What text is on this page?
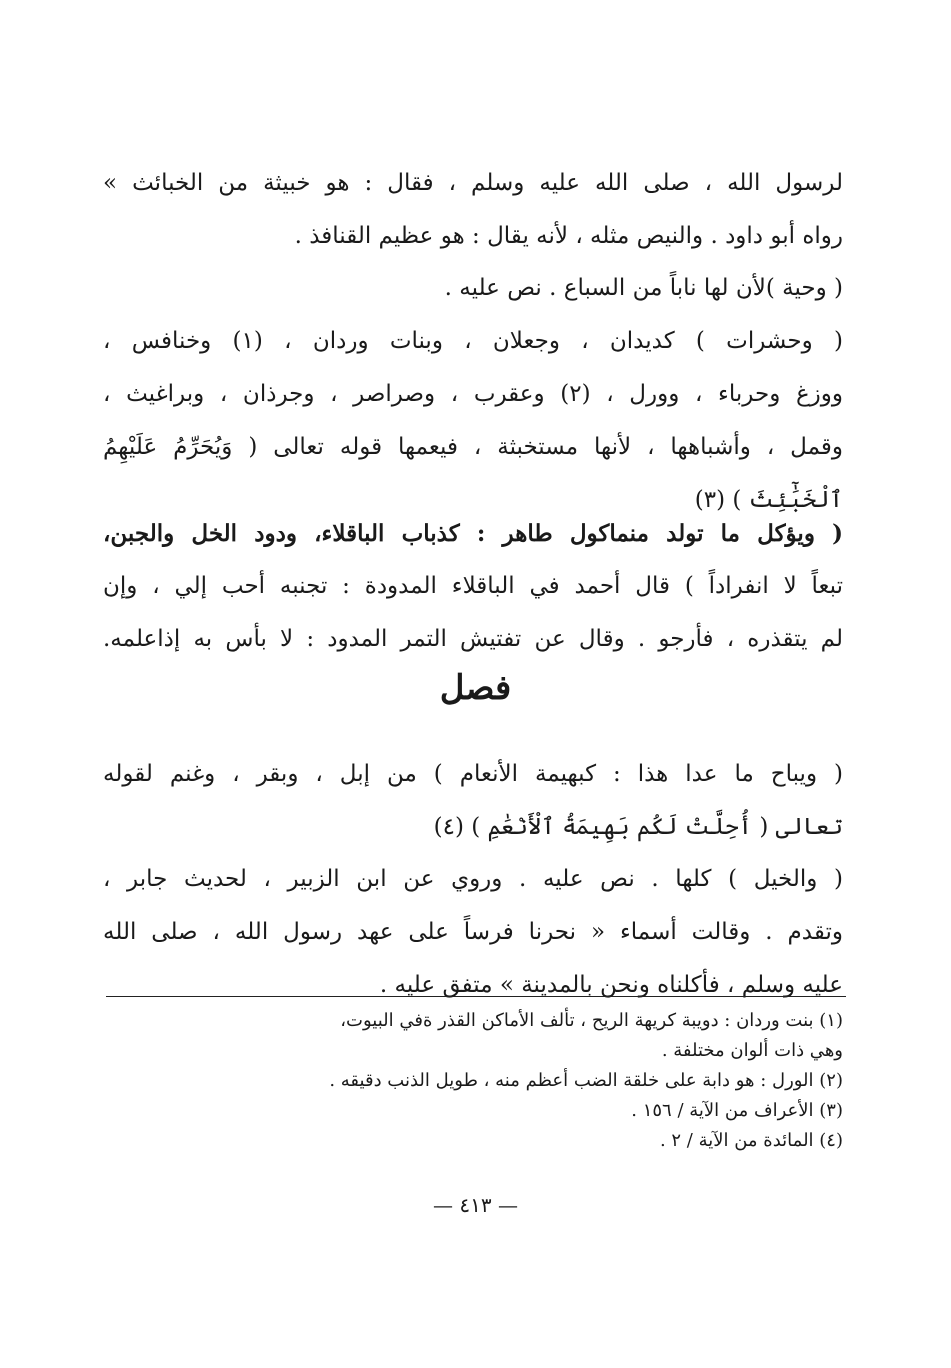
لرسول الله ، صلى الله عليه وسلم ، فقال : هو خبيثة من الخبائث »
رواه أبو داود . والنيص مثله ، لأنه يقال : هو عظيم القنافذ .
( وحية )لأن لها ناباً من السباع . نص عليه .
( وحشرات ) كديدان ، وجعلان ، وبنات وردان ، (١) وخنافس ،
ووزغ وحرباء ، وورل ، (٢) وعقرب ، وصراصر ، وجرذان ، وبراغيث ،
وقمل ، وأشباهها ، لأنها مستخبثة ، فيعمها قوله تعالى ( وَيُحَرِّمُ عَلَيْهِمُ
ٱلْخَبَٰٓئِثَ ) (٣)
( ويؤكل ما تولد منماكول طاهر : كذباب الباقلاء، ودود الخل والجبن،
تبعاً لا انفراداً ) قال أحمد في الباقلاء المدودة : تجنبه أحب إلي ، وإن
لم يتقذره ، فأرجو . وقال عن تفتيش التمر المدود : لا بأس به إذاعلمه.
فصل
( ويباح ما عدا هذا : كبهيمة الأنعام ) من إبل ، وبقر ، وغنم لقوله
تعالى ( أُحِلَّتْ لَكُم بَهِيمَةُ ٱلْأَنْعَٰمِ ) (٤)
( والخيل ) كلها . نص عليه . وروي عن ابن الزبير ، لحديث جابر ،
وتقدم . وقالت أسماء « نحرنا فرساً على عهد رسول الله ، صلى الله
عليه وسلم ، فأكلناه ونحن بالمدينة » متفق عليه .
(١) بنت وردان : دويبة كريهة الريح ، تألف الأماكن القذر ةفي البيوت،
وهي ذات ألوان مختلفة .
(٢) الورل : هو دابة على خلقة الضب أعظم منه ، طويل الذنب دقيقه .
(٣) الأعراف من الآية / ١٥٦ .
(٤) المائدة من الآية / ٢ .
— ٤١٣ —
